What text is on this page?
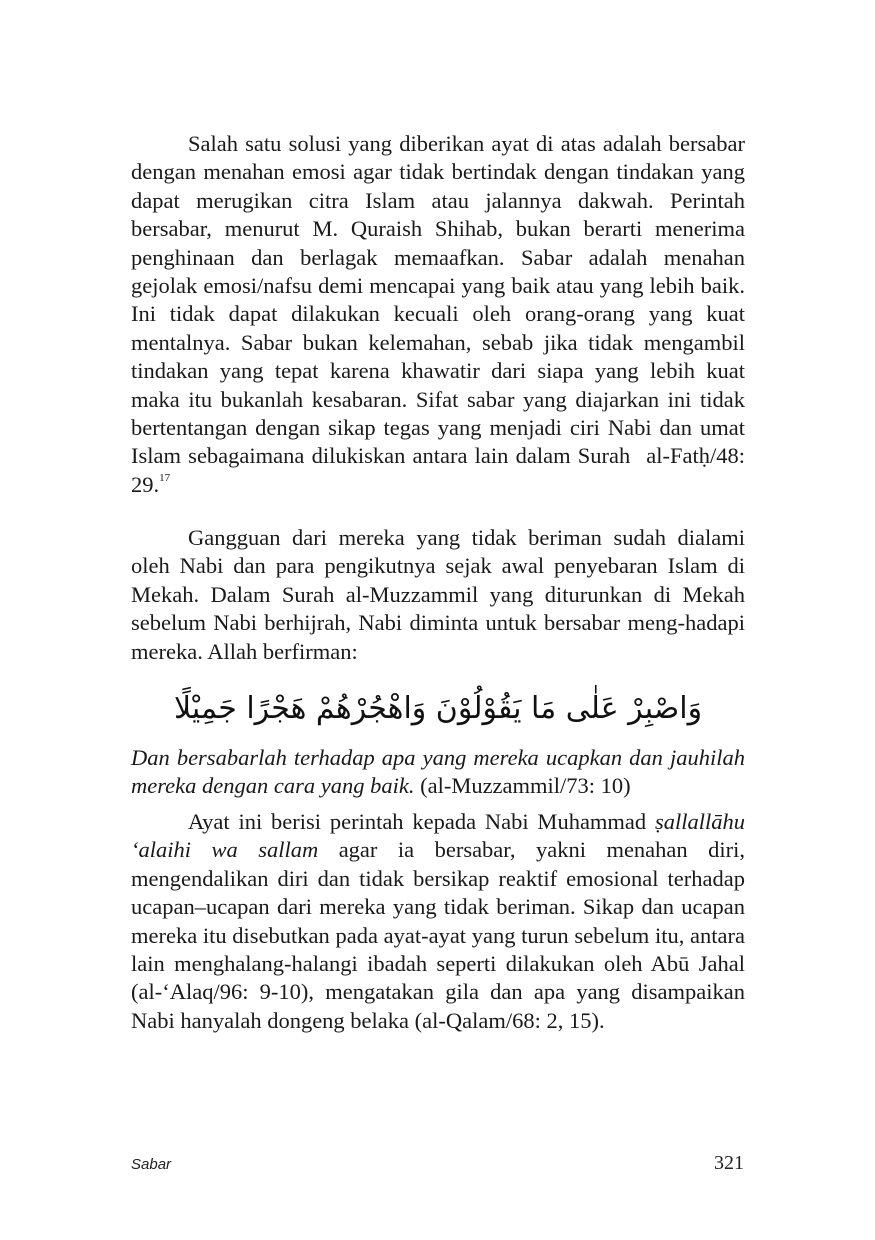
Salah satu solusi yang diberikan ayat di atas adalah bersabar dengan menahan emosi agar tidak bertindak dengan tindakan yang dapat merugikan citra Islam atau jalannya dakwah. Perintah bersabar, menurut M. Quraish Shihab, bukan berarti menerima penghinaan dan berlagak memaafkan. Sabar adalah menahan gejolak emosi/nafsu demi mencapai yang baik atau yang lebih baik. Ini tidak dapat dilakukan kecuali oleh orang-orang yang kuat mentalnya. Sabar bukan kelemahan, sebab jika tidak mengambil tindakan yang tepat karena khawatir dari siapa yang lebih kuat maka itu bukanlah kesabaran. Sifat sabar yang diajarkan ini tidak bertentangan dengan sikap tegas yang menjadi ciri Nabi dan umat Islam sebagaimana dilukiskan antara lain dalam Surah al-Fatḥ/48: 29.17

Gangguan dari mereka yang tidak beriman sudah dialami oleh Nabi dan para pengikutnya sejak awal penyebaran Islam di Mekah. Dalam Surah al-Muzzammil yang diturunkan di Mekah sebelum Nabi berhijrah, Nabi diminta untuk bersabar meng-hadapi mereka. Allah berfirman:

وَاصْبِرْ عَلٰى مَا يَقُوْلُوْنَ وَاهْجُرْهُمْ هَجْرًا جَمِيْلًا

Dan bersabarlah terhadap apa yang mereka ucapkan dan jauhilah mereka dengan cara yang baik. (al-Muzzammil/73: 10)

Ayat ini berisi perintah kepada Nabi Muhammad ṣallallāhu ‘alaihi wa sallam agar ia bersabar, yakni menahan diri, mengendalikan diri dan tidak bersikap reaktif emosional terhadap ucapan–ucapan dari mereka yang tidak beriman. Sikap dan ucapan mereka itu disebutkan pada ayat-ayat yang turun sebelum itu, antara lain menghalang-halangi ibadah seperti dilakukan oleh Abū Jahal (al-‘Alaq/96: 9-10), mengatakan gila dan apa yang disampaikan Nabi hanyalah dongeng belaka (al-Qalam/68: 2, 15).

Sabar	321
